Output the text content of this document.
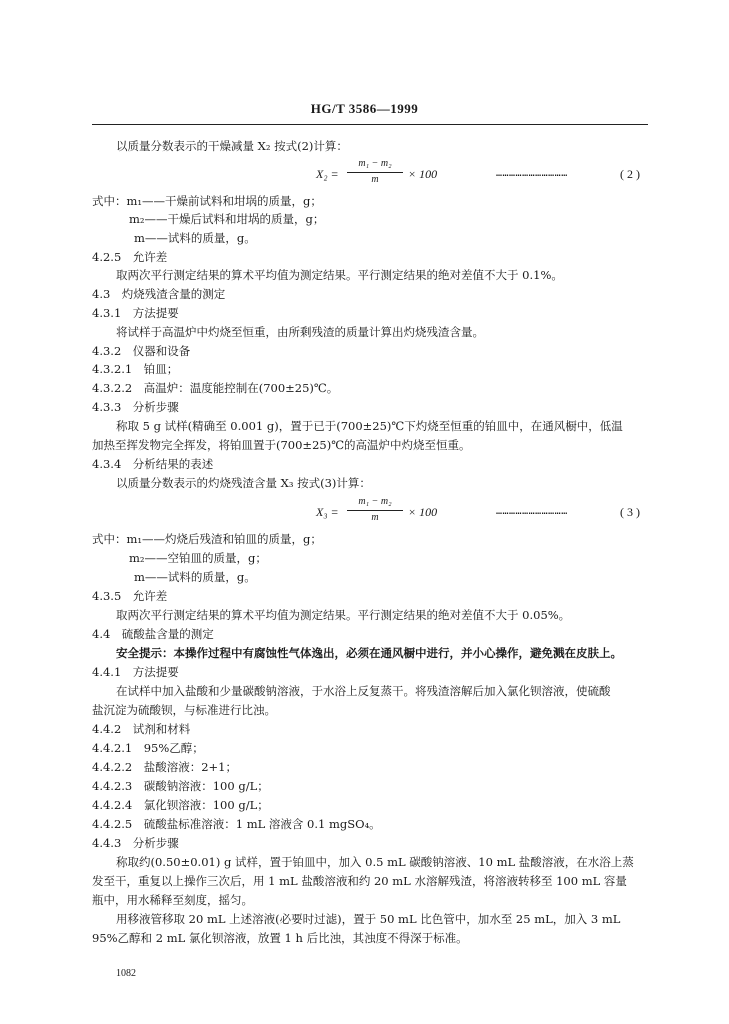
HG/T 3586—1999
以质量分数表示的干燥减量 X₂ 按式(2)计算：
X₂ =
m₁ − m₂
m	× 100	……………………………	( 2 )
式中：m₁——干燥前试料和坩埚的质量，g；
m₂——干燥后试料和坩埚的质量，g；
m——试料的质量，g。
4.2.5　允许差
取两次平行测定结果的算术平均值为测定结果。平行测定结果的绝对差值不大于 0.1%。
4.3　灼烧残渣含量的测定
4.3.1　方法提要
将试样于高温炉中灼烧至恒重，由所剩残渣的质量计算出灼烧残渣含量。
4.3.2　仪器和设备
4.3.2.1　铂皿；
4.3.2.2　高温炉：温度能控制在(700±25)℃。
4.3.3　分析步骤
称取 5 g 试样(精确至 0.001 g)，置于已于(700±25)℃下灼烧至恒重的铂皿中，在通风橱中，低温
加热至挥发物完全挥发，将铂皿置于(700±25)℃的高温炉中灼烧至恒重。
4.3.4　分析结果的表述
以质量分数表示的灼烧残渣含量 X₃ 按式(3)计算：
X₃ =
m₁ − m₂
m	× 100	……………………………	( 3 )
式中：m₁——灼烧后残渣和铂皿的质量，g；
m₂——空铂皿的质量，g；
m——试料的质量，g。
4.3.5　允许差
取两次平行测定结果的算术平均值为测定结果。平行测定结果的绝对差值不大于 0.05%。
4.4　硫酸盐含量的测定
安全提示：本操作过程中有腐蚀性气体逸出，必须在通风橱中进行，并小心操作，避免溅在皮肤上。
4.4.1　方法提要
在试样中加入盐酸和少量碳酸钠溶液，于水浴上反复蒸干。将残渣溶解后加入氯化钡溶液，使硫酸
盐沉淀为硫酸钡，与标准进行比浊。
4.4.2　试剂和材料
4.4.2.1　95%乙醇；
4.4.2.2　盐酸溶液：2+1；
4.4.2.3　碳酸钠溶液：100 g/L；
4.4.2.4　氯化钡溶液：100 g/L；
4.4.2.5　硫酸盐标准溶液：1 mL 溶液含 0.1 mgSO₄。
4.4.3　分析步骤
称取约(0.50±0.01) g 试样，置于铂皿中，加入 0.5 mL 碳酸钠溶液、10 mL 盐酸溶液，在水浴上蒸
发至干，重复以上操作三次后，用 1 mL 盐酸溶液和约 20 mL 水溶解残渣，将溶液转移至 100 mL 容量
瓶中，用水稀释至刻度，摇匀。
用移液管移取 20 mL 上述溶液(必要时过滤)，置于 50 mL 比色管中，加水至 25 mL，加入 3 mL
95%乙醇和 2 mL 氯化钡溶液，放置 1 h 后比浊，其浊度不得深于标准。
1082
